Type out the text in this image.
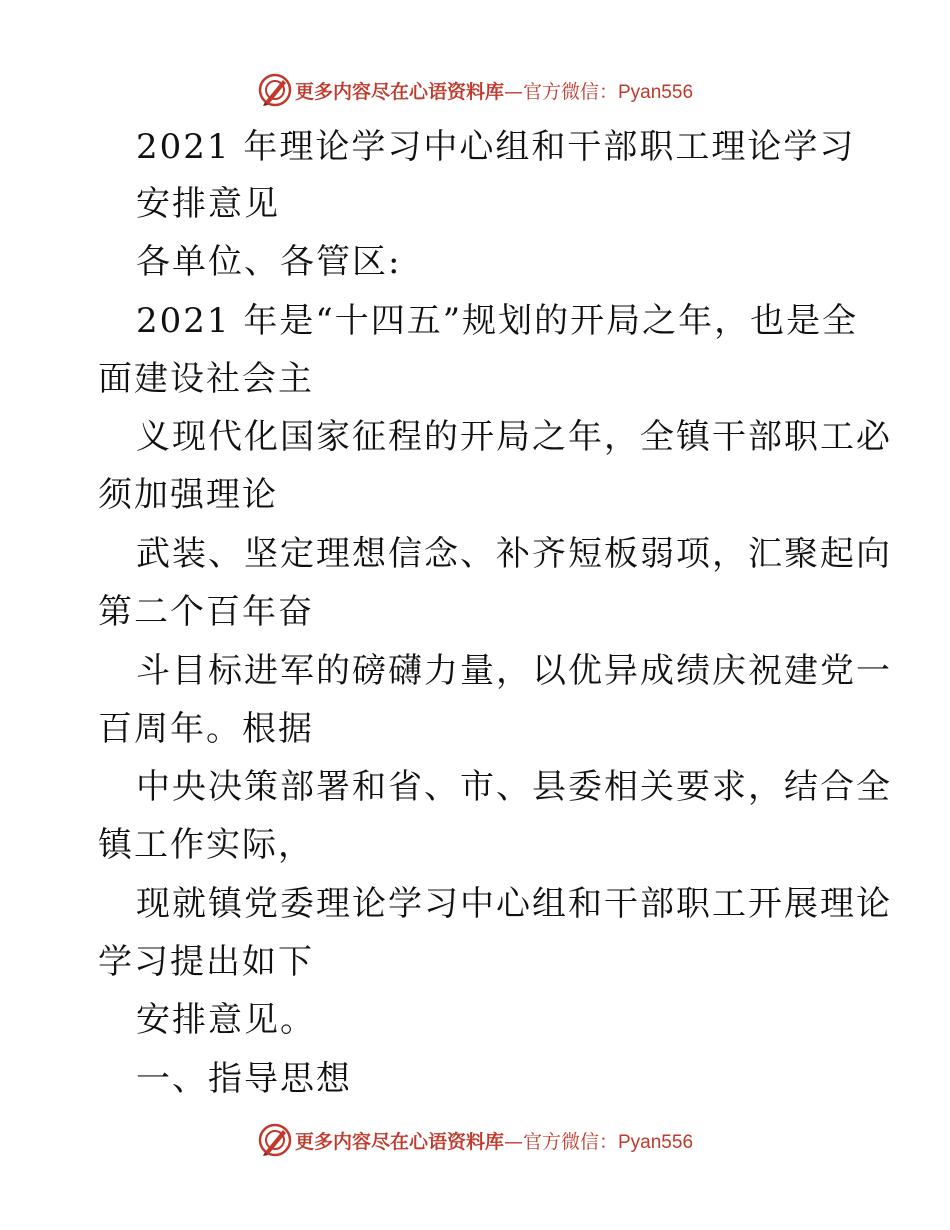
更多内容尽在心语资料库—官方微信：Pyan556
2021 年理论学习中心组和干部职工理论学习
安排意见
各单位、各管区:
2021 年是“十四五”规划的开局之年，也是全
面建设社会主
义现代化国家征程的开局之年，全镇干部职工必
须加强理论
武装、坚定理想信念、补齐短板弱项，汇聚起向
第二个百年奋
斗目标进军的磅礴力量，以优异成绩庆祝建党一
百周年。根据
中央决策部署和省、市、县委相关要求，结合全
镇工作实际，
现就镇党委理论学习中心组和干部职工开展理论
学习提出如下
安排意见。
一、指导思想
更多内容尽在心语资料库—官方微信：Pyan556
